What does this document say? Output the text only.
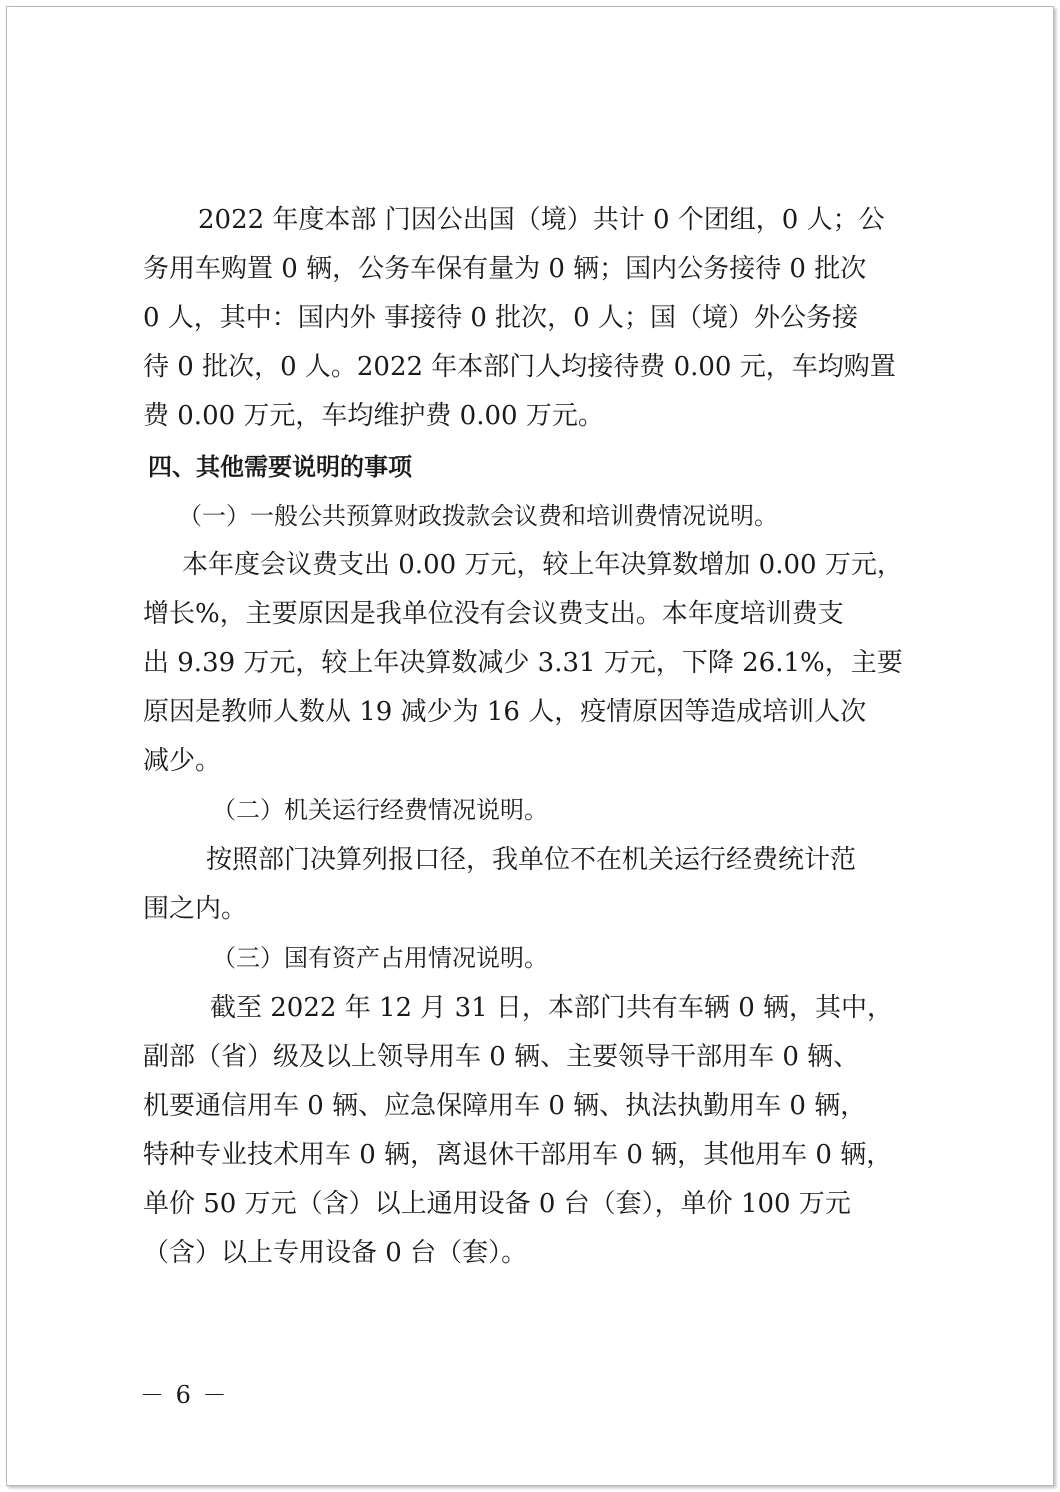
2022 年度本部 门因公出国（境）共计 0 个团组，0 人；公
务用车购置 0 辆，公务车保有量为 0 辆；国内公务接待 0 批次
0 人，其中：国内外 事接待 0 批次，0 人；国（境）外公务接
待 0 批次，0 人。2022 年本部门人均接待费 0.00 元，车均购置
费 0.00 万元，车均维护费 0.00 万元。
四、其他需要说明的事项
（一）一般公共预算财政拨款会议费和培训费情况说明。
本年度会议费支出 0.00 万元，较上年决算数增加 0.00 万元，
增长%，主要原因是我单位没有会议费支出。本年度培训费支
出 9.39 万元，较上年决算数减少 3.31 万元，下降 26.1%，主要
原因是教师人数从 19 减少为 16 人，疫情原因等造成培训人次
减少。
（二）机关运行经费情况说明。
按照部门决算列报口径，我单位不在机关运行经费统计范
围之内。
（三）国有资产占用情况说明。
截至 2022 年 12 月 31 日，本部门共有车辆 0 辆，其中，
副部（省）级及以上领导用车 0 辆、主要领导干部用车 0 辆、
机要通信用车 0 辆、应急保障用车 0 辆、执法执勤用车 0 辆，
特种专业技术用车 0 辆，离退休干部用车 0 辆，其他用车 0 辆，
单价 50 万元（含）以上通用设备 0 台（套），单价 100 万元
（含）以上专用设备 0 台（套）。
－ 6 －
